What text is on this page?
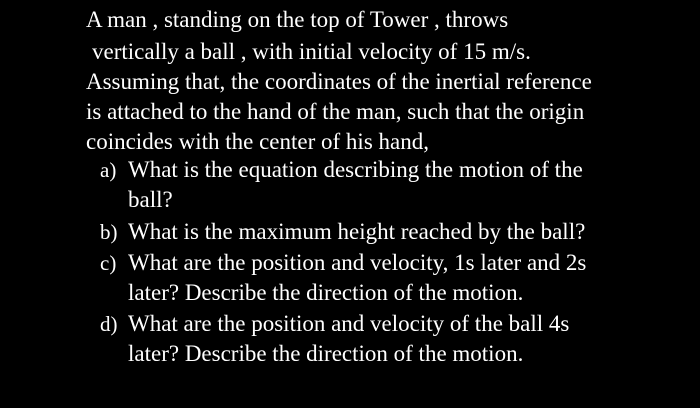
A man , standing on the top of Tower , throws
vertically a ball , with initial velocity of 15 m/s.
Assuming that, the coordinates of the inertial reference
is attached to the hand of the man, such that the origin
coincides with the center of his hand,
a) What is the equation describing the motion of the
ball?
b) What is the maximum height reached by the ball?
c) What are the position and velocity, 1s later and 2s
later? Describe the direction of the motion.
d) What are the position and velocity of the ball 4s
later? Describe the direction of the motion.
